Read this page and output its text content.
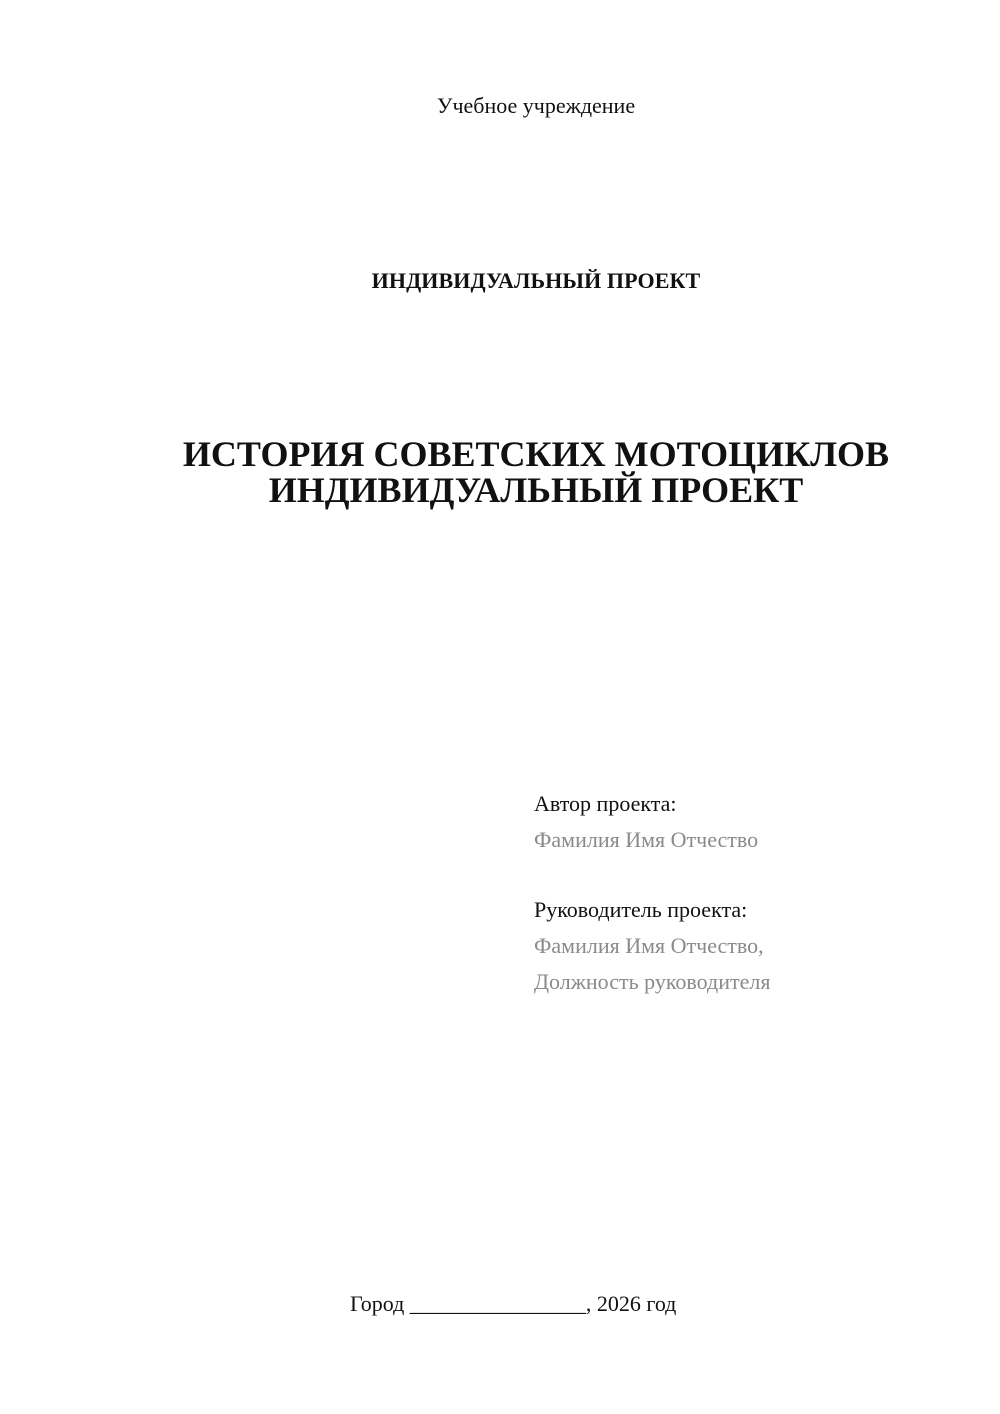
Учебное учреждение
ИНДИВИДУАЛЬНЫЙ ПРОЕКТ
ИСТОРИЯ СОВЕТСКИХ МОТОЦИКЛОВ
ИНДИВИДУАЛЬНЫЙ ПРОЕКТ
Автор проекта:
Фамилия Имя Отчество
Руководитель проекта:
Фамилия Имя Отчество,
Должность руководителя
Город ________________, 2026 год
